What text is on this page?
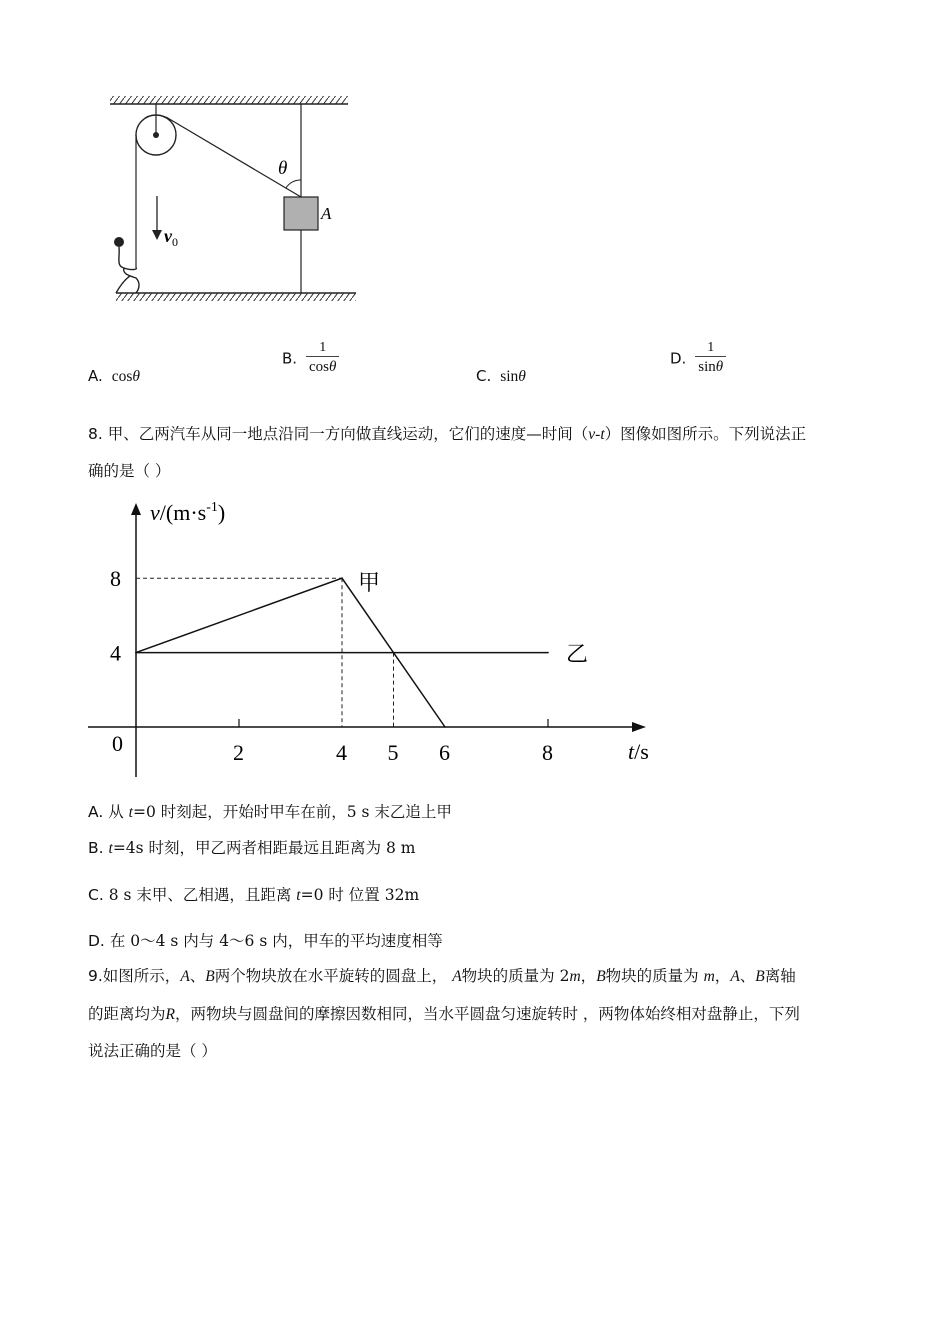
θ
A
$v_0$
A. cosθ
B. $\frac{1}{\cos\theta}$	C. sinθ
D. $\frac{1}{\sin\theta}$
8. 甲、乙两汽车从同一地点沿同一方向做直线运动，它们的速度—时间（v-t）图像如图所示。下列说法正
确的是（ ）
$v/(m\cdot s^{-1})$
t/s
0	2	4 5 6	8
8
4
甲
乙
A. 从 t=0 时刻起，开始时甲车在前，5 s 末乙追上甲
B. t=4s 时刻，甲乙两者相距最远且距离为 8 m
C. 8 s 末甲、乙相遇，且距离 t=0 时 位置 32m
D. 在 0～4 s 内与 4～6 s 内，甲车的平均速度相等
9.如图所示，A、B两个物块放在水平旋转的圆盘上， A物块的质量为 2m，B物块的质量为 m，A、B离轴
的距离均为R，两物块与圆盘间的摩擦因数相同，当水平圆盘匀速旋转时 ，两物体始终相对盘静止，下列
说法正确的是（ ）
